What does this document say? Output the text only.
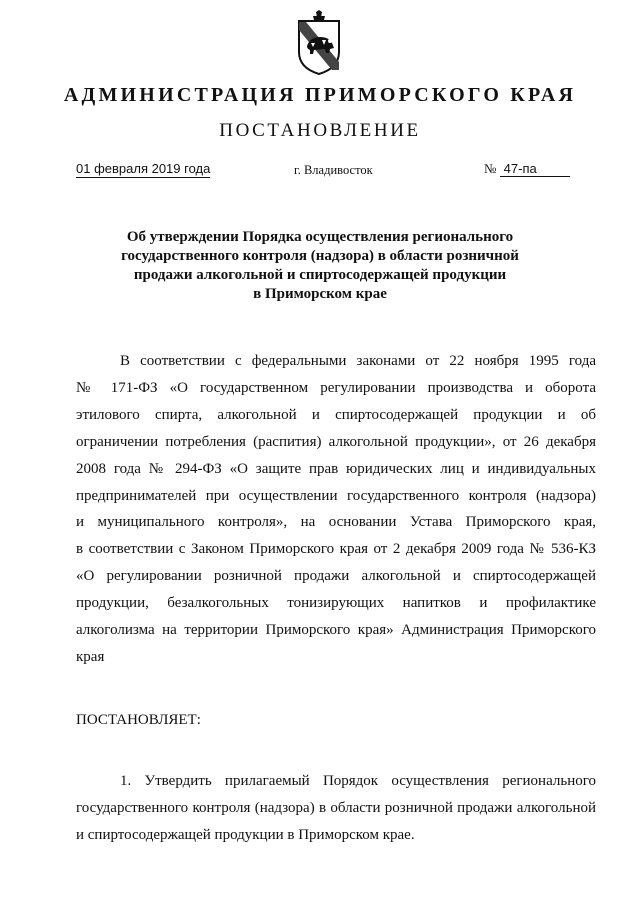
АДМИНИСТРАЦИЯ ПРИМОРСКОГО КРАЯ
ПОСТАНОВЛЕНИЕ
01 февраля 2019 года	г. Владивосток	№ 47-па
Об утверждении Порядка осуществления регионального
государственного контроля (надзора) в области розничной
продажи алкогольной и спиртосодержащей продукции
в Приморском крае
В соответствии с федеральными законами от 22 ноября 1995 года
№ 171-ФЗ «О государственном регулировании производства и оборота
этилового спирта, алкогольной и спиртосодержащей продукции и об
ограничении потребления (распития) алкогольной продукции», от 26 декабря
2008 года № 294-ФЗ «О защите прав юридических лиц и индивидуальных
предпринимателей при осуществлении государственного контроля (надзора)
и муниципального контроля», на основании Устава Приморского края,
в соответствии с Законом Приморского края от 2 декабря 2009 года № 536-КЗ
«О регулировании розничной продажи алкогольной и спиртосодержащей
продукции, безалкогольных тонизирующих напитков и профилактике
алкоголизма на территории Приморского края» Администрация Приморского
края
ПОСТАНОВЛЯЕТ:
1. Утвердить прилагаемый Порядок осуществления регионального
государственного контроля (надзора) в области розничной продажи алкогольной
и спиртосодержащей продукции в Приморском крае.
